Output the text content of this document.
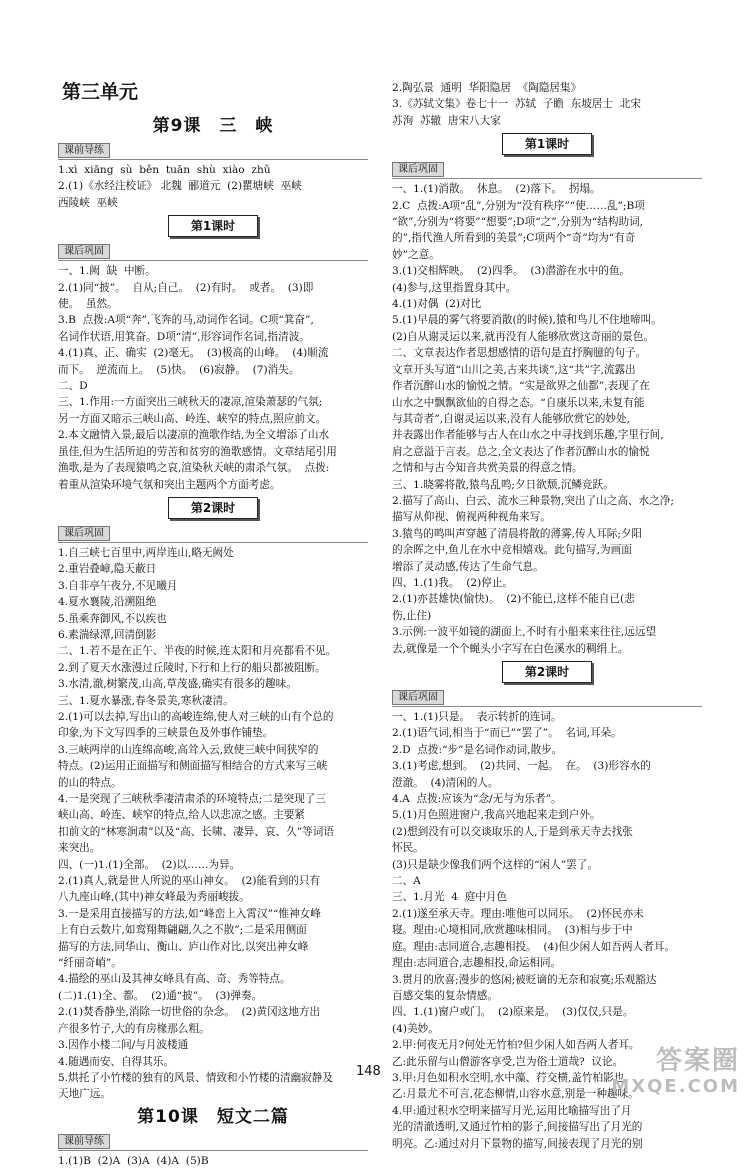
第三单元
第9课　三　峡
课前导练
1.xì  xiāng  sù  běn  tuān  shù  xiào  zhǔ
2.(1)《水经注校证》 北魏  郦道元  (2)瞿塘峡  巫峡
西陵峡  巫峡
第1课时
课后巩固
一、1.阙  缺  中断。
2.(1)同“披”。  自从;自己。  (2)有时。  或者。  (3)即
使。  虽然。
3.B  点拨:A项“奔”,飞奔的马,动词作名词。C项“箕奋”,
名词作状语,用箕奋。D项“清”,形容词作名词,指清波。
4.(1)真、正、确实  (2)毫无。  (3)极高的山峰。  (4)顺流
而下。  逆流而上。  (5)快。  (6)寂静。  (7)消失。
二、D
三、1.作用:一方面突出三峡秋天的凄凉,渲染萧瑟的气氛;
另一方面又暗示三峡山高、岭连、峡窄的特点,照应前文。
2.本文融情入景,最后以凄凉的渔歌作结,为全文增添了山水
虽佳,但为生活所迫的劳苦和贫穷的渔歌感情。文章结尾引用
渔歌,是为了表现猿鸣之哀,渲染秋天峡的肃杀气氛。  点拨:
着重从渲染环境气氛和突出主题两个方面考虑。
第2课时
课后巩固
1.自三峡七百里中,两岸连山,略无阙处
2.重岩叠嶂,隐天蔽日
3.自非亭午夜分,不见曦月
4.夏水襄陵,沿溯阻绝
5.虽乘奔御风,不以疾也
6.素湍绿潭,回清倒影
二、1.若不是在正午、半夜的时候,连太阳和月亮都看不见。
2.到了夏天水涨漫过丘陵时,下行和上行的船只都被阻断。
3.水清,澈,树繁茂,山高,草茂盛,确实有很多的趣味。
三、1.夏水暴涨,春冬景美,寒秋凄清。
2.(1)可以去掉,写出山的高峻连绵,使人对三峡的山有个总的
印象,为下文写四季的三峡景色及外事作铺垫。
3.三峡两岸的山连绵高峻,高耸入云,致使三峡中间狭窄的
特点。(2)运用正面描写和侧面描写相结合的方式来写三峡
的山的特点。
4.一是突现了三峡秋季凄清肃杀的环境特点;二是突现了三
峡山高、岭连、峡窄的特点,给人以悲凉之感。主要紧
扣前文的“林寒涧肃”以及“高、长啸、凄异、哀、久”等词语
来突出。
四、(一)1.(1)全部。  (2)以……为异。
2.(1)真人,就是世人所说的巫山神女。  (2)能看到的只有
八九座山峰,(其中)神女峰最为秀丽峻拔。
3.一是采用直接描写的方法,如“峰峦上入霄汉”“惟神女峰
上有白云数片,如鸾翔舞翩翩,久之不散”;二是采用侧面
描写的方法,同华山、衡山、庐山作对比,以突出神女峰
“纤丽奇峭”。
4.描绘的巫山及其神女峰具有高、奇、秀等特点。
(二)1.(1)全、都。  (2)通“披”。  (3)弹奏。
2.(1)焚香静坐,消除一切世俗的杂念。  (2)黄冈这地方出
产很多竹子,大的有房椽那么粗。
3.因作小楼二间/与月波楼通
4.随遇而安、自得其乐。
5.烘托了小竹楼的独有的风景、情致和小竹楼的清幽寂静及
天地广远。
第10课　短文二篇
课前导练
1.(1)B  (2)A  (3)A  (4)A  (5)B
2.陶弘景  通明  华阳隐居  《陶隐居集》
3.《苏轼文集》卷七十一  苏轼  子瞻  东坡居士  北宋
苏洵  苏辙  唐宋八大家
第1课时
课后巩固
一、1.(1)消散。  休息。  (2)落下。  拐塌。
2.C  点拨:A项“乱”,分别为“没有秩序”“使……乱”;B项
“欲”,分别为“将要”“想要”;D项“之”,分别为“结构助词,
的”,指代渔人所看到的美景”;C项两个“奇”均为“有奇
妙”之意。
3.(1)交相辉映。  (2)四季。  (3)潜游在水中的鱼。
(4)参与,这里指置身其中。
4.(1)对偶  (2)对比
5.(1)早晨的雾气将要消散(的时候),猿和鸟儿不住地啼叫。
(2)自从谢灵运以来,就再没有人能够欣赏这奇丽的景色。
二、文章表达作者思想感情的语句是直抒胸臆的句子。
文章开头写道“山川之美,古来共谈”,这“共”字,流露出
作者沉醉山水的愉悦之情。“实是欲界之仙都”,表现了在
山水之中飘飘欲仙的自得之态。“自康乐以来,未复有能
与其奇者”,自谢灵运以来,没有人能够欣赏它的妙处,
并表露出作者能够与古人在山水之中寻找到乐趣,字里行间,
肩之意溢于言表。总之,全文表达了作者沉醉山水的愉悦
之情和与古今知音共赏美景的得意之情。
三、1.晓雾将散,猿鸟乱鸣;夕日欲颓,沉鳞竞跃。
2.描写了高山、白云、流水三种景物,突出了山之高、水之净;
描写从仰视、俯视两种视角来写。
3.猿鸟的鸣叫声穿越了清晨将散的薄雾,传人耳际;夕阳
的余晖之中,鱼儿在水中竞相嬉戏。此句描写,为画面
增添了灵动感,传达了生命气息。
四、1.(1)我。  (2)停止。
2.(1)亦甚雄快(愉快)。  (2)不能已,这样不能自已(悲
伤,止住)
3.示例:一波平如镜的湖面上,不时有小船来来往往,远远望
去,就像是一个个蝇头小字写在白色溪水的稠绢上。
第2课时
课后巩固
一、1.(1)只是。  表示转折的连词。
2.(1)语气词,相当于“而已”“罢了”。  名词,耳朵。
2.D  点拨:“步”是名词作动词,散步。
3.(1)考虑,想到。  (2)共同、一起。  在。  (3)形容水的
澄澈。  (4)清闲的人。
4.A  点拨:应该为“念/无与为乐者”。
5.(1)月色照进窗户,我高兴地起来走到户外。
(2)想到没有可以交谈取乐的人,于是到承天寺去找张
怀民。
(3)只是缺少像我们两个这样的“闲人”罢了。
二、A
三、1.月光  4  庭中月色
2.(1)遂至承天寺。理由:唯他可以同乐。  (2)怀民亦未
寝。理由:心境相同,欣赏趣味相同。  (3)相与步于中
庭。理由:志同道合,志趣相投。  (4)但少闲人如吾两人者耳。
理由:志同道合,志趣相投,命运相同。
3.贯月的欣喜;漫步的悠闲;被贬谪的无奈和寂寞;乐观豁达
百感交集的复杂情感。
四、1.(1)窗户或门。  (2)原来是。  (3)仅仅,只是。
(4)美妙。
2.甲:何夜无月?何处无竹柏?但少闲人如吾两人者耳。
乙:此乐留与山僧游客享受,岂为俗士道哉?  议论。
3.甲:月色如积水空明,水中藻、荇交横,盖竹柏影也。
乙:月景尤不可言,花态柳情,山容水意,别是一种趣味。
4.甲:通过积水空明来描写月光,运用比喻描写出了月
光的清澈透明,又通过竹柏的影子,间接描写出了月光的
明亮。乙:通过对月下景物的描写,间接表现了月光的别
148	答案圈
MXQE.COM
